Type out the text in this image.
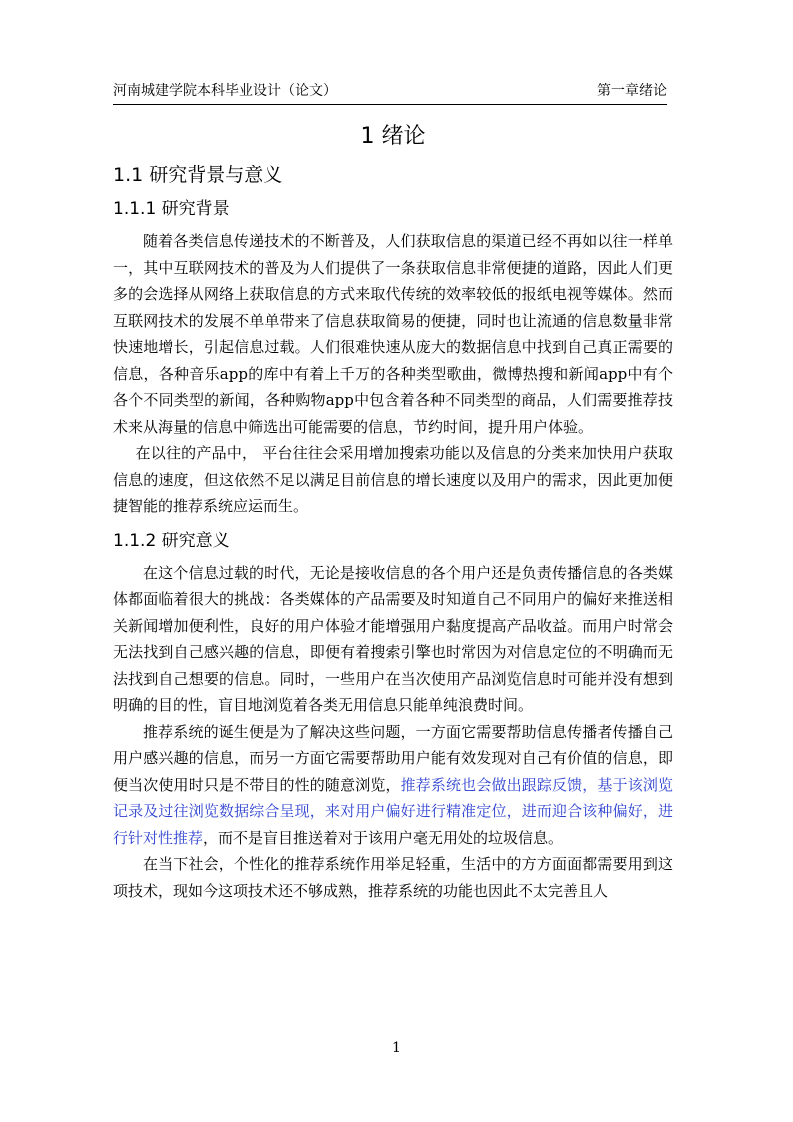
河南城建学院本科毕业设计（论文）	第一章绪论
1 绪论
1.1 研究背景与意义
1.1.1 研究背景

随着各类信息传递技术的不断普及，人们获取信息的渠道已经不再如以往一样单一，其中互联网技术的普及为人们提供了一条获取信息非常便捷的道路，因此人们更多的会选择从网络上获取信息的方式来取代传统的效率较低的报纸电视等媒体。然而互联网技术的发展不单单带来了信息获取简易的便捷，同时也让流通的信息数量非常快速地增长，引起信息过载。人们很难快速从庞大的数据信息中找到自己真正需要的信息，各种音乐app的库中有着上千万的各种类型歌曲，微博热搜和新闻app中有个各个不同类型的新闻，各种购物app中包含着各种不同类型的商品，人们需要推荐技术来从海量的信息中筛选出可能需要的信息，节约时间，提升用户体验。

在以往的产品中， 平台往往会采用增加搜索功能以及信息的分类来加快用户获取信息的速度，但这依然不足以满足目前信息的增长速度以及用户的需求，因此更加便捷智能的推荐系统应运而生。

1.1.2 研究意义

在这个信息过载的时代，无论是接收信息的各个用户还是负责传播信息的各类媒体都面临着很大的挑战：各类媒体的产品需要及时知道自己不同用户的偏好来推送相关新闻增加便利性，良好的用户体验才能增强用户黏度提高产品收益。而用户时常会无法找到自己感兴趣的信息，即便有着搜索引擎也时常因为对信息定位的不明确而无法找到自己想要的信息。同时，一些用户在当次使用产品浏览信息时可能并没有想到明确的目的性，盲目地浏览着各类无用信息只能单纯浪费时间。

推荐系统的诞生便是为了解决这些问题，一方面它需要帮助信息传播者传播自己用户感兴趣的信息，而另一方面它需要帮助用户能有效发现对自己有价值的信息，即便当次使用时只是不带目的性的随意浏览，推荐系统也会做出跟踪反馈，基于该浏览记录及过往浏览数据综合呈现，来对用户偏好进行精准定位，进而迎合该种偏好，进行针对性推荐，而不是盲目推送着对于该用户毫无用处的垃圾信息。

在当下社会，个性化的推荐系统作用举足轻重，生活中的方方面面都需要用到这项技术，现如今这项技术还不够成熟，推荐系统的功能也因此不太完善且人

1
